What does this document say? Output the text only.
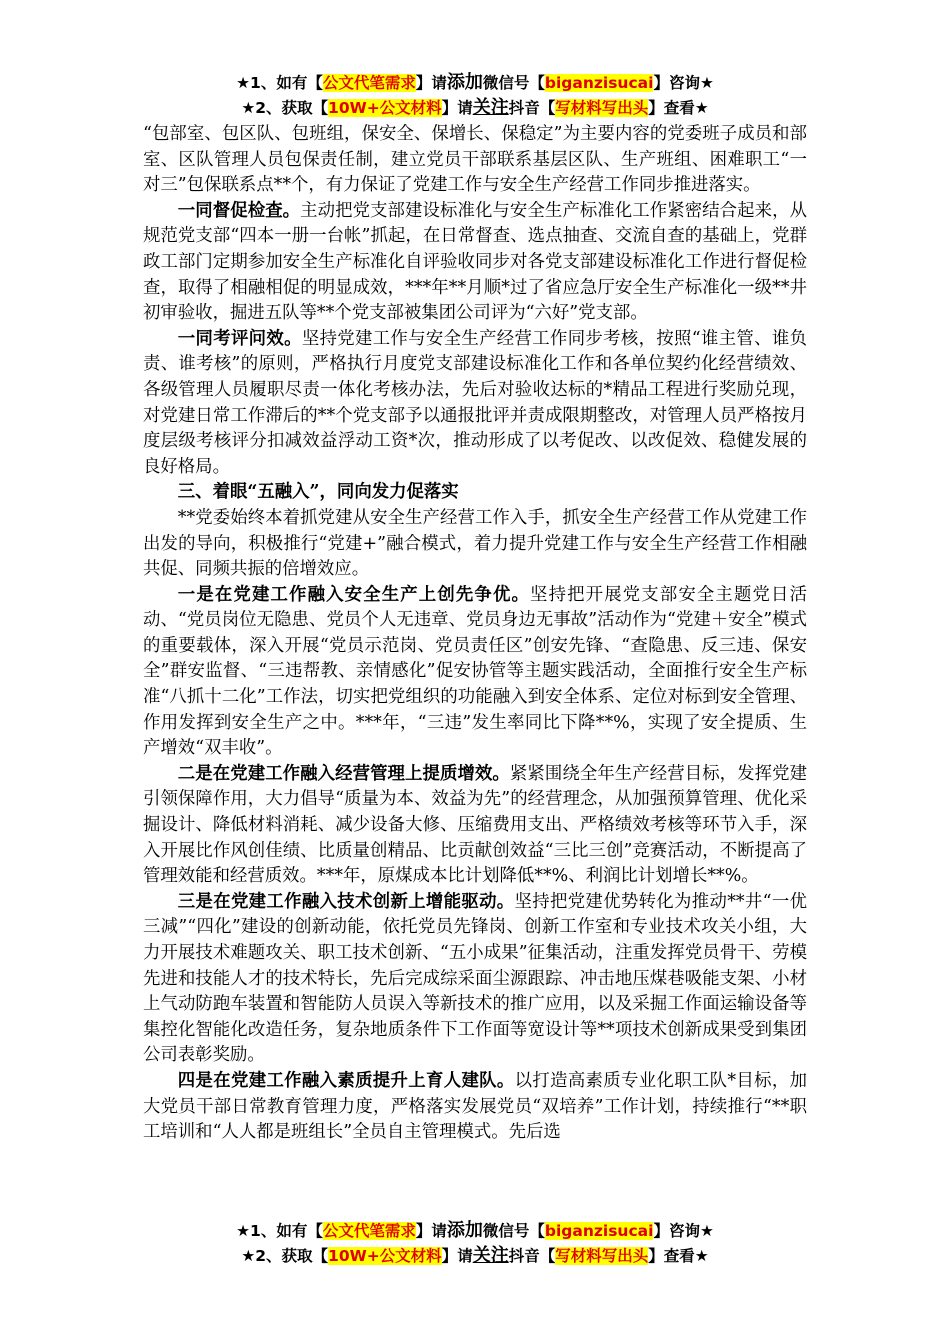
★1、如有【公文代笔需求】请添加微信号【biganzisucai】咨询★
★2、获取【10W+公文材料】请关注抖音【写材料写出头】查看★

“包部室、包区队、包班组，保安全、保增长、保稳定”为主要内容的党委班子成员和部室、区队管理人员包保责任制，建立党员干部联系基层区队、生产班组、困难职工“一对三”包保联系点**个，有力保证了党建工作与安全生产经营工作同步推进落实。

一同督促检查。主动把党支部建设标准化与安全生产标准化工作紧密结合起来，从规范党支部“四本一册一台帐”抓起，在日常督查、选点抽查、交流自查的基础上，党群政工部门定期参加安全生产标准化自评验收同步对各党支部建设标准化工作进行督促检查，取得了相融相促的明显成效，***年**月顺*过了省应急厅安全生产标准化一级**井初审验收，掘进五队等**个党支部被集团公司评为“六好”党支部。

一同考评问效。坚持党建工作与安全生产经营工作同步考核，按照“谁主管、谁负责、谁考核”的原则，严格执行月度党支部建设标准化工作和各单位契约化经营绩效、各级管理人员履职尽责一体化考核办法，先后对验收达标的*精品工程进行奖励兑现，对党建日常工作滞后的**个党支部予以通报批评并责成限期整改，对管理人员严格按月度层级考核评分扣减效益浮动工资*次，推动形成了以考促改、以改促效、稳健发展的良好格局。

三、着眼“五融入”，同向发力促落实

**党委始终本着抓党建从安全生产经营工作入手，抓安全生产经营工作从党建工作出发的导向，积极推行“党建+”融合模式，着力提升党建工作与安全生产经营工作相融共促、同频共振的倍增效应。

一是在党建工作融入安全生产上创先争优。坚持把开展党支部安全主题党日活动、“党员岗位无隐患、党员个人无违章、党员身边无事故”活动作为“党建＋安全”模式的重要载体，深入开展“党员示范岗、党员责任区”创安先锋、“查隐患、反三违、保安全”群安监督、“三违帮教、亲情感化”促安协管等主题实践活动，全面推行安全生产标准“八抓十二化”工作法，切实把党组织的功能融入到安全体系、定位对标到安全管理、作用发挥到安全生产之中。***年，“三违”发生率同比下降**%，实现了安全提质、生产增效“双丰收”。

二是在党建工作融入经营管理上提质增效。紧紧围绕全年生产经营目标，发挥党建引领保障作用，大力倡导“质量为本、效益为先”的经营理念，从加强预算管理、优化采掘设计、降低材料消耗、减少设备大修、压缩费用支出、严格绩效考核等环节入手，深入开展比作风创佳绩、比质量创精品、比贡献创效益“三比三创”竞赛活动，不断提高了管理效能和经营质效。***年，原煤成本比计划降低**%、利润比计划增长**%。

三是在党建工作融入技术创新上增能驱动。坚持把党建优势转化为推动**井“一优三减”“四化”建设的创新动能，依托党员先锋岗、创新工作室和专业技术攻关小组，大力开展技术难题攻关、职工技术创新、“五小成果”征集活动，注重发挥党员骨干、劳模先进和技能人才的技术特长，先后完成综采面尘源跟踪、冲击地压煤巷吸能支架、小材上气动防跑车装置和智能防人员误入等新技术的推广应用，以及采掘工作面运输设备等集控化智能化改造任务，复杂地质条件下工作面等宽设计等**项技术创新成果受到集团公司表彰奖励。

四是在党建工作融入素质提升上育人建队。以打造高素质专业化职工队*目标，加大党员干部日常教育管理力度，严格落实发展党员“双培养”工作计划，持续推行“**职工培训和“人人都是班组长”全员自主管理模式。先后选

★1、如有【公文代笔需求】请添加微信号【biganzisucai】咨询★
★2、获取【10W+公文材料】请关注抖音【写材料写出头】查看★
